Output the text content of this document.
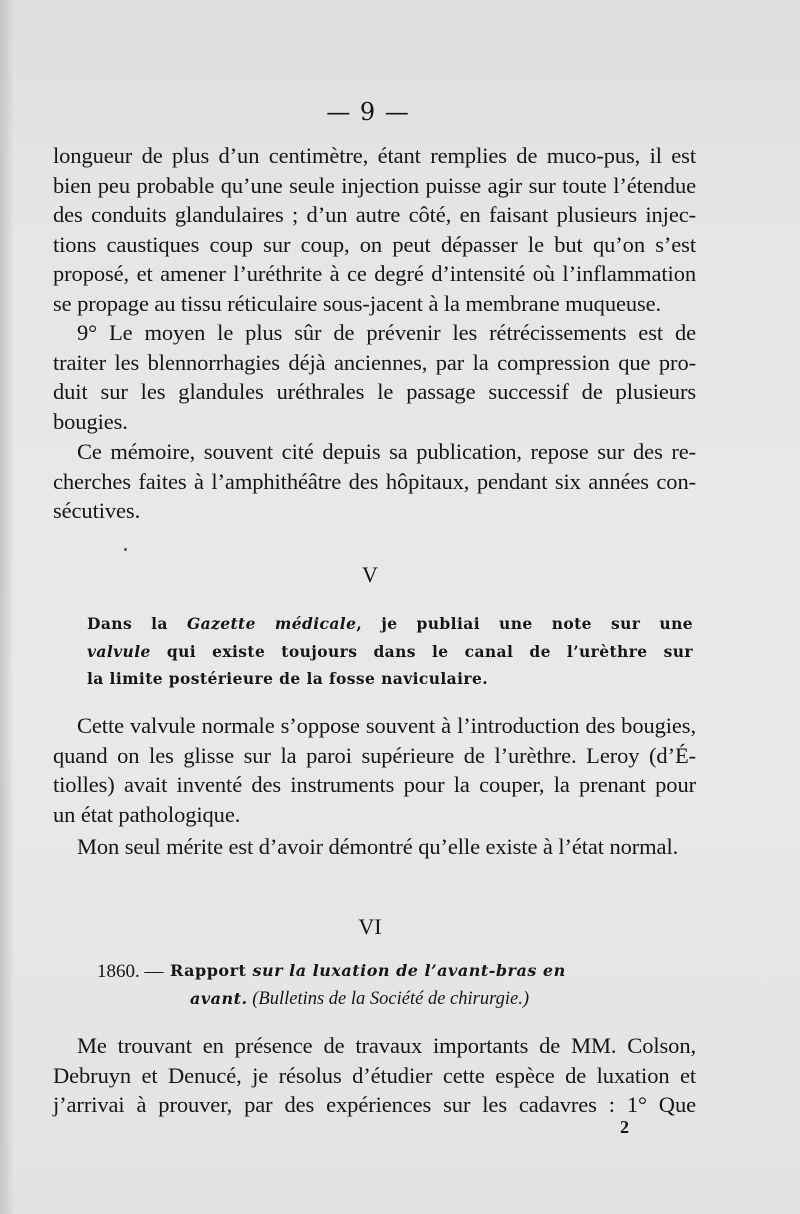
— 9 —
longueur de plus d’un centimètre, étant remplies de muco-pus, il est
bien peu probable qu’une seule injection puisse agir sur toute l’étendue
des conduits glandulaires ; d’un autre côté, en faisant plusieurs injec-
tions caustiques coup sur coup, on peut dépasser le but qu’on s’est
proposé, et amener l’uréthrite à ce degré d’intensité où l’inflammation
se propage au tissu réticulaire sous-jacent à la membrane muqueuse.
9° Le moyen le plus sûr de prévenir les rétrécissements est de
traiter les blennorrhagies déjà anciennes, par la compression que pro-
duit sur les glandules uréthrales le passage successif de plusieurs
bougies.
Ce mémoire, souvent cité depuis sa publication, repose sur des re-
cherches faites à l’amphithéâtre des hôpitaux, pendant six années con-
sécutives.
V
Dans la Gazette médicale, je publiai une note sur une
valvule qui existe toujours dans le canal de l’urèthre sur
la limite postérieure de la fosse naviculaire.
Cette valvule normale s’oppose souvent à l’introduction des bougies,
quand on les glisse sur la paroi supérieure de l’urèthre. Leroy (d’É-
tiolles) avait inventé des instruments pour la couper, la prenant pour
un état pathologique.
Mon seul mérite est d’avoir démontré qu’elle existe à l’état normal.
VI
1860. — Rapport sur la luxation de l’avant-bras en
avant. (Bulletins de la Société de chirurgie.)
Me trouvant en présence de travaux importants de MM. Colson,
Debruyn et Denucé, je résolus d’étudier cette espèce de luxation et
j’arrivai à prouver, par des expériences sur les cadavres : 1° Que
2
